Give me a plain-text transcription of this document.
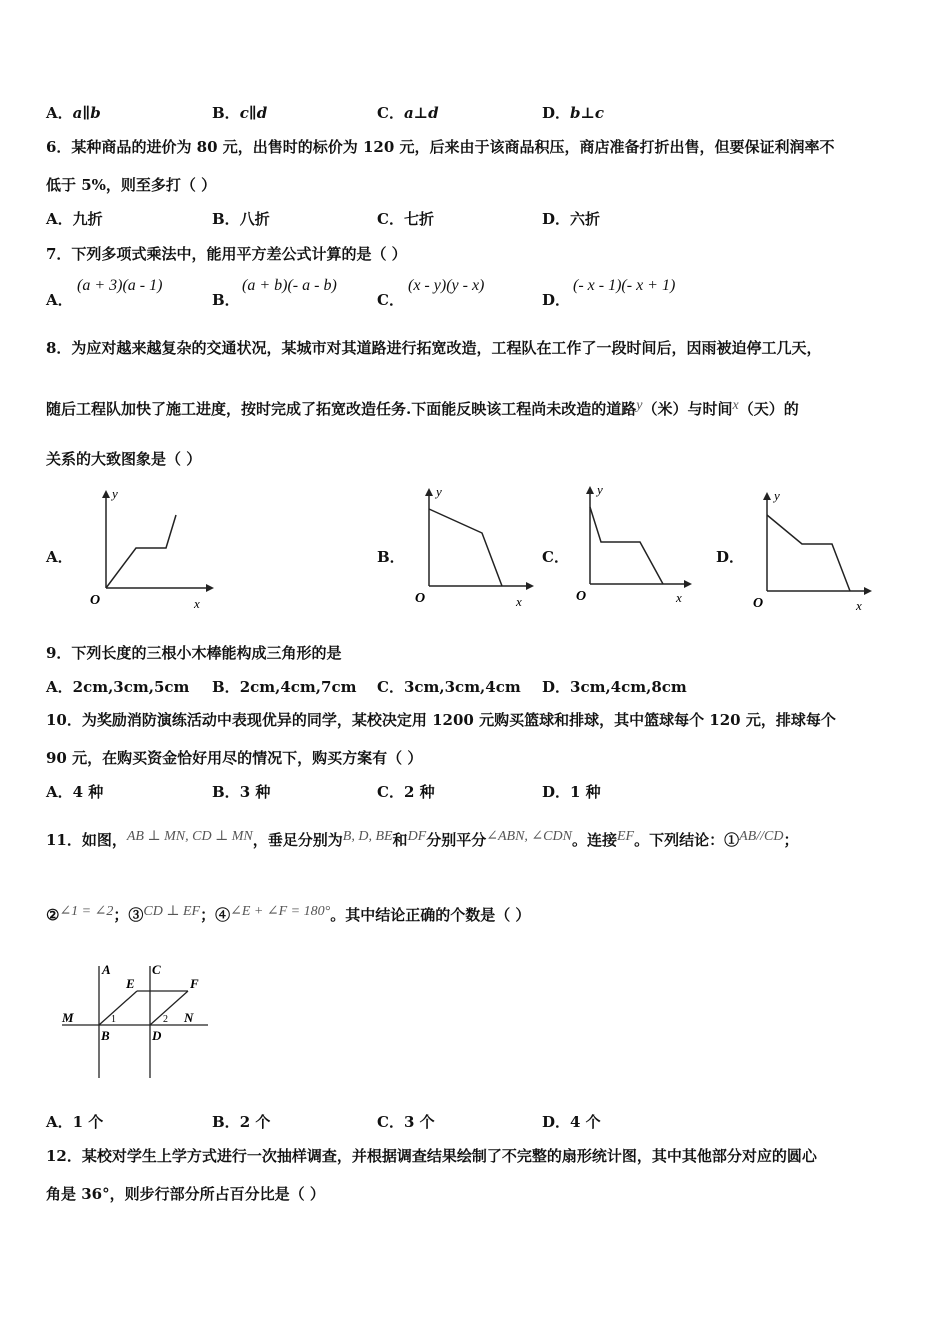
A．a∥b	B．c∥d	C．a⊥d	D．b⊥c
6．某种商品的进价为 80 元，出售时的标价为 120 元，后来由于该商品积压，商店准备打折出售，但要保证利润率不
低于 5%，则至多打（ ）
A．九折	B．八折	C．七折	D．六折
7．下列多项式乘法中，能用平方差公式计算的是（ ）
A．
(a + 3)(a - 1)
B．
(a + b)(- a - b)
C．
(x - y)(y - x)
D．
(- x - 1)(- x + 1)
8．为应对越来越复杂的交通状况，某城市对其道路进行拓宽改造，工程队在工作了一段时间后，因雨被迫停工几天，
随后工程队加快了施工进度，按时完成了拓宽改造任务.下面能反映该工程尚未改造的道路y（米）与时间x（天）的
关系的大致图象是（ ）
A．	B．	C．	D．
O	x
y
O	x
y
O	x
y
O	x
y
9．下列长度的三根小木棒能构成三角形的是
A．2cm,3cm,5cm B．2cm,4cm,7cm C．3cm,3cm,4cm D．3cm,4cm,8cm
10．为奖励消防演练活动中表现优异的同学，某校决定用 1200 元购买篮球和排球，其中篮球每个 120 元，排球每个
90 元，在购买资金恰好用尽的情况下，购买方案有（ ）
A．4 种	B．3 种	C．2 种	D．1 种
11．如图，AB ⊥ MN, CD ⊥ MN，垂足分别为B, D, BE和DF分别平分∠ABN, ∠CDN。连接EF。下列结论：①AB//CD；
②∠1 = ∠2；③CD ⊥ EF；④∠E + ∠F = 180°。其中结论正确的个数是（ ）
A	C
E	F
M	N
B	D
1	2
A．1 个	B．2 个	C．3 个	D．4 个
12．某校对学生上学方式进行一次抽样调查，并根据调查结果绘制了不完整的扇形统计图，其中其他部分对应的圆心
角是 36°，则步行部分所占百分比是（ ）
